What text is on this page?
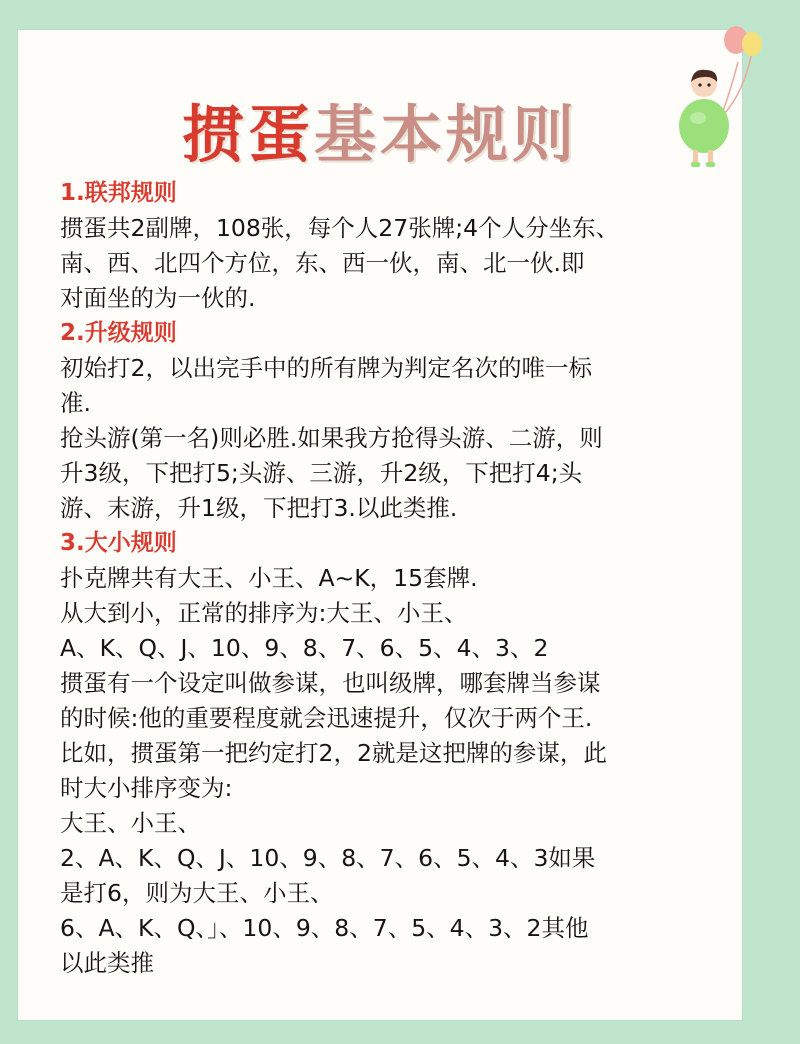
掼蛋基本规则

1.联邦规则

掼蛋共2副牌，108张，每个人27张牌;4个人分坐东、

南、西、北四个方位，东、西一伙，南、北一伙.即

对面坐的为一伙的.

2.升级规则

初始打2，以出完手中的所有牌为判定名次的唯一标

准.

抢头游(第一名)则必胜.如果我方抢得头游、二游，则

升3级，下把打5;头游、三游，升2级，下把打4;头

游、末游，升1级，下把打3.以此类推.

3.大小规则

扑克牌共有大王、小王、A~K，15套牌.

从大到小，正常的排序为:大王、小王、

A、K、Q、J、10、9、8、7、6、5、4、3、2

掼蛋有一个设定叫做参谋，也叫级牌，哪套牌当参谋

的时候:他的重要程度就会迅速提升，仅次于两个王.

比如，掼蛋第一把约定打2，2就是这把牌的参谋，此

时大小排序变为:

大王、小王、

2、A、K、Q、J、10、9、8、7、6、5、4、3如果

是打6，则为大王、小王、

6、A、K、Q、」、10、9、8、7、5、4、3、2其他

以此类推
